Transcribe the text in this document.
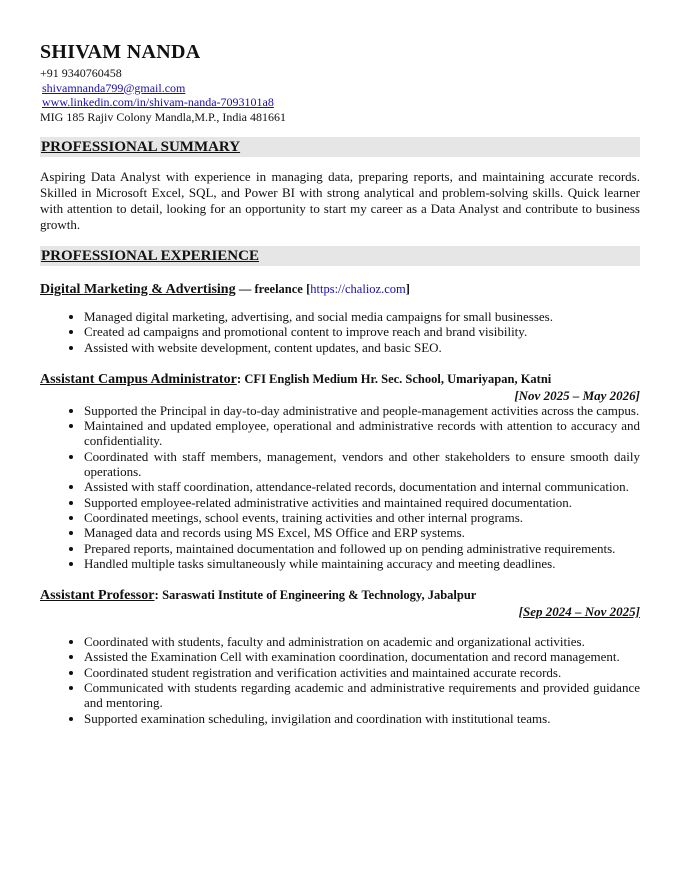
SHIVAM NANDA
+91 9340760458
shivamnanda799@gmail.com
www.linkedin.com/in/shivam-nanda-7093101a8
MIG 185 Rajiv Colony Mandla,M.P., India 481661
PROFESSIONAL SUMMARY
Aspiring Data Analyst with experience in managing data, preparing reports, and maintaining accurate records. Skilled in Microsoft Excel, SQL, and Power BI with strong analytical and problem-solving skills. Quick learner with attention to detail, looking for an opportunity to start my career as a Data Analyst and contribute to business growth.
PROFESSIONAL EXPERIENCE
Digital Marketing & Advertising — freelance [https://chalioz.com]
• Managed digital marketing, advertising, and social media campaigns for small businesses.
• Created ad campaigns and promotional content to improve reach and brand visibility.
• Assisted with website development, content updates, and basic SEO.
Assistant Campus Administrator: CFI English Medium Hr. Sec. School, Umariyapan, Katni
[Nov 2025 – May 2026]
• Supported the Principal in day-to-day administrative and people-management activities across the campus.
• Maintained and updated employee, operational and administrative records with attention to accuracy and confidentiality.
• Coordinated with staff members, management, vendors and other stakeholders to ensure smooth daily operations.
• Assisted with staff coordination, attendance-related records, documentation and internal communication.
• Supported employee-related administrative activities and maintained required documentation.
• Coordinated meetings, school events, training activities and other internal programs.
• Managed data and records using MS Excel, MS Office and ERP systems.
• Prepared reports, maintained documentation and followed up on pending administrative requirements.
• Handled multiple tasks simultaneously while maintaining accuracy and meeting deadlines.
Assistant Professor: Saraswati Institute of Engineering & Technology, Jabalpur
[Sep 2024 – Nov 2025]
• Coordinated with students, faculty and administration on academic and organizational activities.
• Assisted the Examination Cell with examination coordination, documentation and record management.
• Coordinated student registration and verification activities and maintained accurate records.
• Communicated with students regarding academic and administrative requirements and provided guidance and mentoring.
• Supported examination scheduling, invigilation and coordination with institutional teams.
